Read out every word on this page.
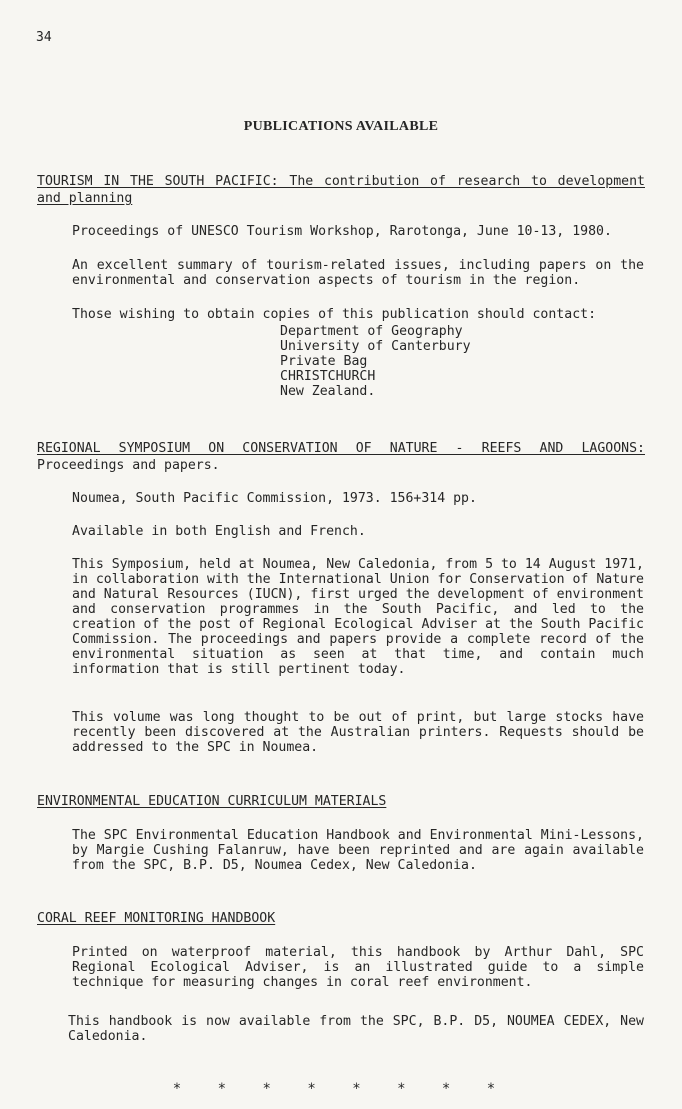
34
PUBLICATIONS AVAILABLE
TOURISM IN THE SOUTH PACIFIC: The contribution of research to development and planning
Proceedings of UNESCO Tourism Workshop, Rarotonga, June 10-13, 1980.
An excellent summary of tourism-related issues, including papers on the environmental and conservation aspects of tourism in the region.
Those wishing to obtain copies of this publication should contact:
Department of Geography
University of Canterbury
Private Bag
CHRISTCHURCH
New Zealand.
REGIONAL SYMPOSIUM ON CONSERVATION OF NATURE - REEFS AND LAGOONS:
Proceedings and papers.
Noumea, South Pacific Commission, 1973. 156+314 pp.
Available in both English and French.
This Symposium, held at Noumea, New Caledonia, from 5 to 14 August 1971, in collaboration with the International Union for Conservation of Nature and Natural Resources (IUCN), first urged the development of environment and conservation programmes in the South Pacific, and led to the creation of the post of Regional Ecological Adviser at the South Pacific Commission. The proceedings and papers provide a complete record of the environmental situation as seen at that time, and contain much information that is still pertinent today.
This volume was long thought to be out of print, but large stocks have recently been discovered at the Australian printers. Requests should be addressed to the SPC in Noumea.
ENVIRONMENTAL EDUCATION CURRICULUM MATERIALS
The SPC Environmental Education Handbook and Environmental Mini-Lessons, by Margie Cushing Falanruw, have been reprinted and are again available from the SPC, B.P. D5, Noumea Cedex, New Caledonia.
CORAL REEF MONITORING HANDBOOK
Printed on waterproof material, this handbook by Arthur Dahl, SPC Regional Ecological Adviser, is an illustrated guide to a simple technique for measuring changes in coral reef environment.
This handbook is now available from the SPC, B.P. D5, NOUMEA CEDEX, New Caledonia.
* * * * * * * *
